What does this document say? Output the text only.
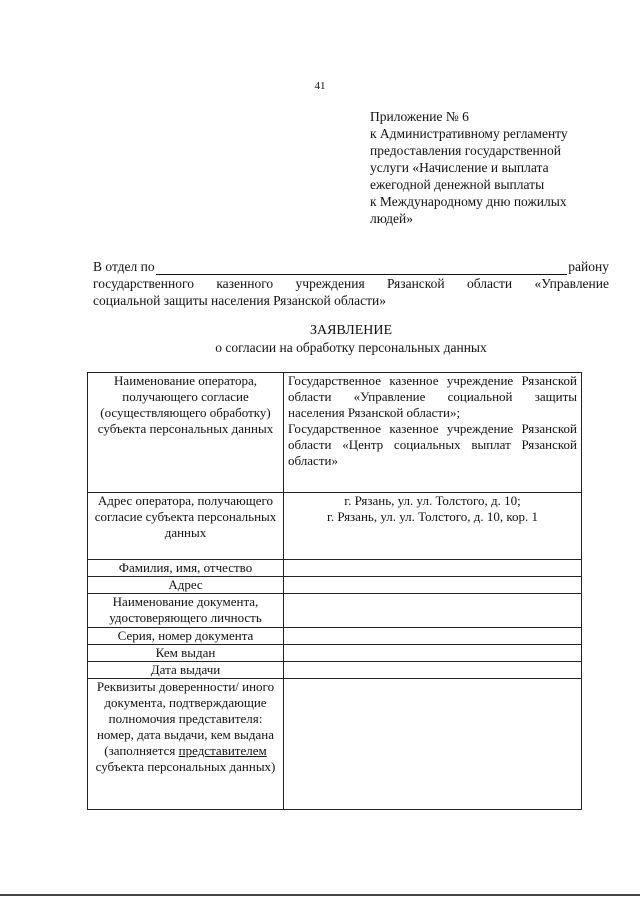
41
Приложение № 6
к Административному регламенту
предоставления государственной
услуги «Начисление и выплата
ежегодной денежной выплаты
к Международному дню пожилых
людей»
В отдел по	району
государственного казенного учреждения Рязанской области «Управление
социальной защиты населения Рязанской области»
ЗАЯВЛЕНИЕ
о согласии на обработку персональных данных
Наименование оператора, получающего согласие (осуществляющего обработку) субъекта персональных данных	Государственное казенное учреждение Рязанской области «Управление социальной защиты населения Рязанской области»;
Государственное казенное учреждение Рязанской области «Центр социальных выплат Рязанской области»

Адрес оператора, получающего согласие субъекта персональных данных	г. Рязань, ул. ул. Толстого, д. 10;
г. Рязань, ул. ул. Толстого, д. 10, кор. 1

Фамилия, имя, отчество	
Адрес	
Наименование документа, удостоверяющего личность	
Серия, номер документа	
Кем выдан	
Дата выдачи	
Реквизиты доверенности/ иного документа, подтверждающие полномочия представителя: номер, дата выдачи, кем выдана (заполняется представителем субъекта персональных данных)	
